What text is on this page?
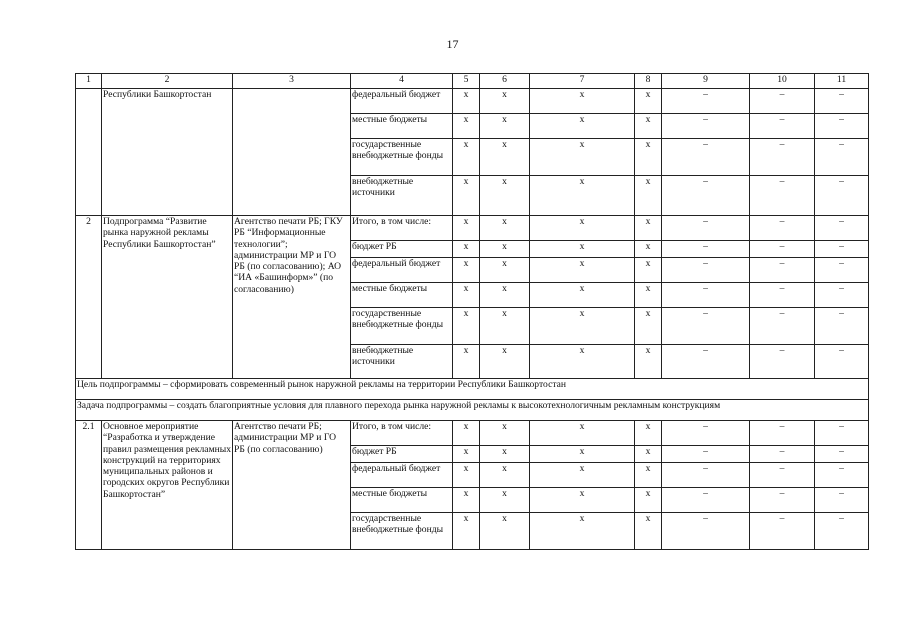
17
1	2	3	4	5	6	7	8	9	10	11
	Республики Башкортостан		федеральный бюджет	x	x	x	x	–	–	–
			местные бюджеты	x	x	x	x	–	–	–
			государственные внебюджетные фонды	x	x	x	x	–	–	–
			внебюджетные источники	x	x	x	x	–	–	–
2	Подпрограмма “Развитие рынка наружной рекламы Республики Башкортостан”	Агентство печати РБ; ГКУ РБ “Информационные технологии”; администрации МР и ГО РБ (по согласованию); АО “ИА «Башинформ»” (по согласованию)	Итого, в том числе:	x	x	x	x	–	–	–
			бюджет РБ	x	x	x	x	–	–	–
			федеральный бюджет	x	x	x	x	–	–	–
			местные бюджеты	x	x	x	x	–	–	–
			государственные внебюджетные фонды	x	x	x	x	–	–	–
			внебюджетные источники	x	x	x	x	–	–	–
Цель подпрограммы – сформировать современный рынок наружной рекламы на территории Республики Башкортостан										
Задача подпрограммы – создать благоприятные условия для плавного перехода рынка наружной рекламы к высокотехнологичным рекламным конструкциям										
2.1	Основное мероприятие “Разработка и утверждение правил размещения рекламных конструкций на территориях муниципальных районов и городских округов Республики Башкортостан”	Агентство печати РБ; администрации МР и ГО РБ (по согласованию)	Итого, в том числе:	x	x	x	x	–	–	–
			бюджет РБ	x	x	x	x	–	–	–
			федеральный бюджет	x	x	x	x	–	–	–
			местные бюджеты	x	x	x	x	–	–	–
			государственные внебюджетные фонды	x	x	x	x	–	–	–
